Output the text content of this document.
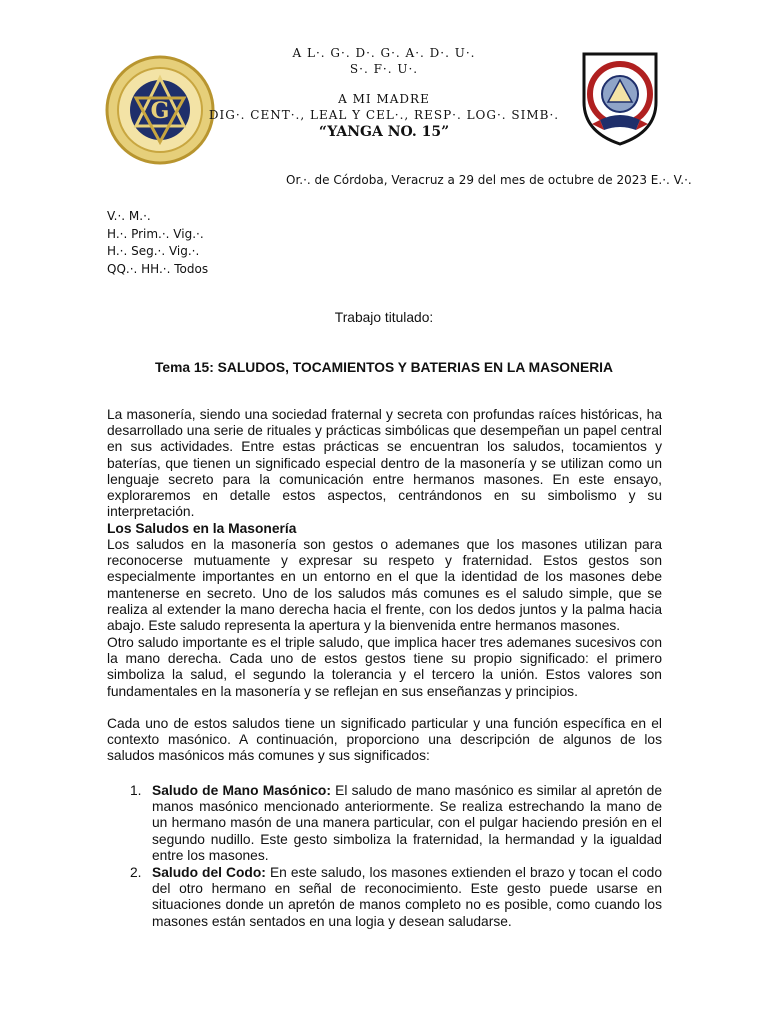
G
A L·. G·. D·. G·. A·. D·. U·.
S·. F·. U·.
A MI MADRE
DIG·. CENT·., LEAL Y CEL·., RESP·. LOG·. SIMB·.
“YANGA NO. 15”
Or.·. de Córdoba, Veracruz a 29 del mes de octubre de 2023 E.·. V.·.
V.·. M.·.
H.·. Prim.·. Vig.·.
H.·. Seg.·. Vig.·.
QQ.·. HH.·. Todos
Trabajo titulado:
Tema 15: SALUDOS, TOCAMIENTOS Y BATERIAS EN LA MASONERIA
La masonería, siendo una sociedad fraternal y secreta con profundas raíces históricas, ha desarrollado una serie de rituales y prácticas simbólicas que desempeñan un papel central en sus actividades. Entre estas prácticas se encuentran los saludos, tocamientos y baterías, que tienen un significado especial dentro de la masonería y se utilizan como un lenguaje secreto para la comunicación entre hermanos masones. En este ensayo, exploraremos en detalle estos aspectos, centrándonos en su simbolismo y su interpretación.
Los Saludos en la Masonería
Los saludos en la masonería son gestos o ademanes que los masones utilizan para reconocerse mutuamente y expresar su respeto y fraternidad. Estos gestos son especialmente importantes en un entorno en el que la identidad de los masones debe mantenerse en secreto. Uno de los saludos más comunes es el saludo simple, que se realiza al extender la mano derecha hacia el frente, con los dedos juntos y la palma hacia abajo. Este saludo representa la apertura y la bienvenida entre hermanos masones.
Otro saludo importante es el triple saludo, que implica hacer tres ademanes sucesivos con la mano derecha. Cada uno de estos gestos tiene su propio significado: el primero simboliza la salud, el segundo la tolerancia y el tercero la unión. Estos valores son fundamentales en la masonería y se reflejan en sus enseñanzas y principios.
Cada uno de estos saludos tiene un significado particular y una función específica en el contexto masónico. A continuación, proporciono una descripción de algunos de los saludos masónicos más comunes y sus significados:
1. Saludo de Mano Masónico: El saludo de mano masónico es similar al apretón de manos masónico mencionado anteriormente. Se realiza estrechando la mano de un hermano masón de una manera particular, con el pulgar haciendo presión en el segundo nudillo. Este gesto simboliza la fraternidad, la hermandad y la igualdad entre los masones.
2. Saludo del Codo: En este saludo, los masones extienden el brazo y tocan el codo del otro hermano en señal de reconocimiento. Este gesto puede usarse en situaciones donde un apretón de manos completo no es posible, como cuando los masones están sentados en una logia y desean saludarse.
